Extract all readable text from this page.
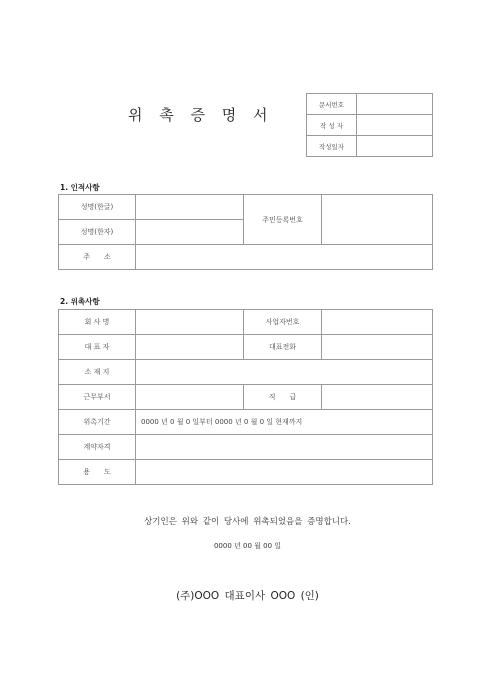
위 촉 증 명 서
문서번호	
작 성 자	
작성일자	
1. 인적사항
성명(한글)		주민등록번호	
성명(한자)			
주　　소			
2. 위촉사항
회 사 명		사업자번호	
대 표 자		대표전화	
소 재 지			
근무부서		직　　급	
위촉기간	0000 년 0 월 0 일부터 0000 년 0 월 0 일 현재까지		
계약자격			
용　　도			
상기인은 위와 같이 당사에 위촉되었음을 증명합니다.
0000 년 00 월 00 일
(주)OOO 대표이사 OOO (인)
